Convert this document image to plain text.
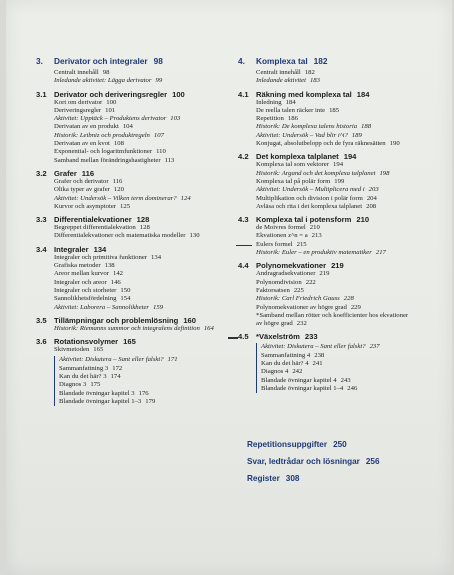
3. Derivator och integraler 98
Centralt innehåll 98
Inledande aktivitet: Lägga derivator 99
3.1 Derivator och deriveringsregler 100
Kort om derivator 100
Deriveringsregler 101
Aktivitet: Upptäck – Produktens derivator 103
Derivatan av en produkt 104
Historik: Leibniz och produktregeln 107
Derivatan av en kvot 108
Exponential- och logaritmfunktioner 110
Samband mellan förändringshastigheter 113
3.2 Grafer 116
Grafer och derivator 116
Olika typer av grafer 120
Aktivitet: Undersök – Vilken term dominerar? 124
Kurvor och asymptoter 125
3.3 Differentialekvationer 128
Begreppet differentialekvation 128
Differentialekvationer och matematiska modeller 130
3.4 Integraler 134
Integraler och primitiva funktioner 134
Grafiska metoder 138
Areor mellan kurvor 142
Integraler och areor 146
Integraler och storheter 150
Sannolikhetsfördelning 154
Aktivitet: Laborera – Sannolikheter 159
3.5 Tillämpningar och problemlösning 160
Historik: Riemanns summor och integralens definition 164
3.6 Rotationsvolymer 165
Skivmetoden 165
Aktivitet: Diskutera – Sant eller falskt? 171
Sammanfattning 3 172
Kan du det här? 3 174
Diagnos 3 175
Blandade övningar kapitel 3 176
Blandade övningar kapitel 1–3 179
4. Komplexa tal 182
Centralt innehåll 182
Inledande aktivitet 183
4.1 Räkning med komplexa tal 184
Inledning 184
De reella talen räcker inte 185
Repetition 186
Historik: De komplexa talens historia 188
Aktivitet: Undersök – Vad blir i^i? 189
Konjugat, absolutbelopp och de fyra räknesätten 190
4.2 Det komplexa talplanet 194
Komplexa tal som vektorer 194
Historik: Argand och det komplexa talplanet 198
Komplexa tal på polär form 199
Aktivitet: Undersök – Multiplicera med i 203
Multiplikation och division i polär form 204
Avläsa och rita i det komplexa talplanet 208
4.3 Komplexa tal i potensform 210
de Moivres formel 210
Ekvationen z^n = a 213
Eulers formel 215
Historik: Euler – en produktiv matematiker 217
4.4 Polynomekvationer 219
Andragradsekvationer 219
Polynomdivision 222
Faktorsatsen 225
Historik: Carl Friedrich Gauss 228
Polynomekvationer av högre grad 229
*Samband mellan rötter och koefficienter hos ekvationer
av högre grad 232
4.5 *Växelström 233
Aktivitet: Diskutera – Sant eller falskt? 237
Sammanfattning 4 238
Kan du det här? 4 241
Diagnos 4 242
Blandade övningar kapitel 4 243
Blandade övningar kapitel 1–4 246
Repetitionsuppgifter 250
Svar, ledtrådar och lösningar 256
Register 308
